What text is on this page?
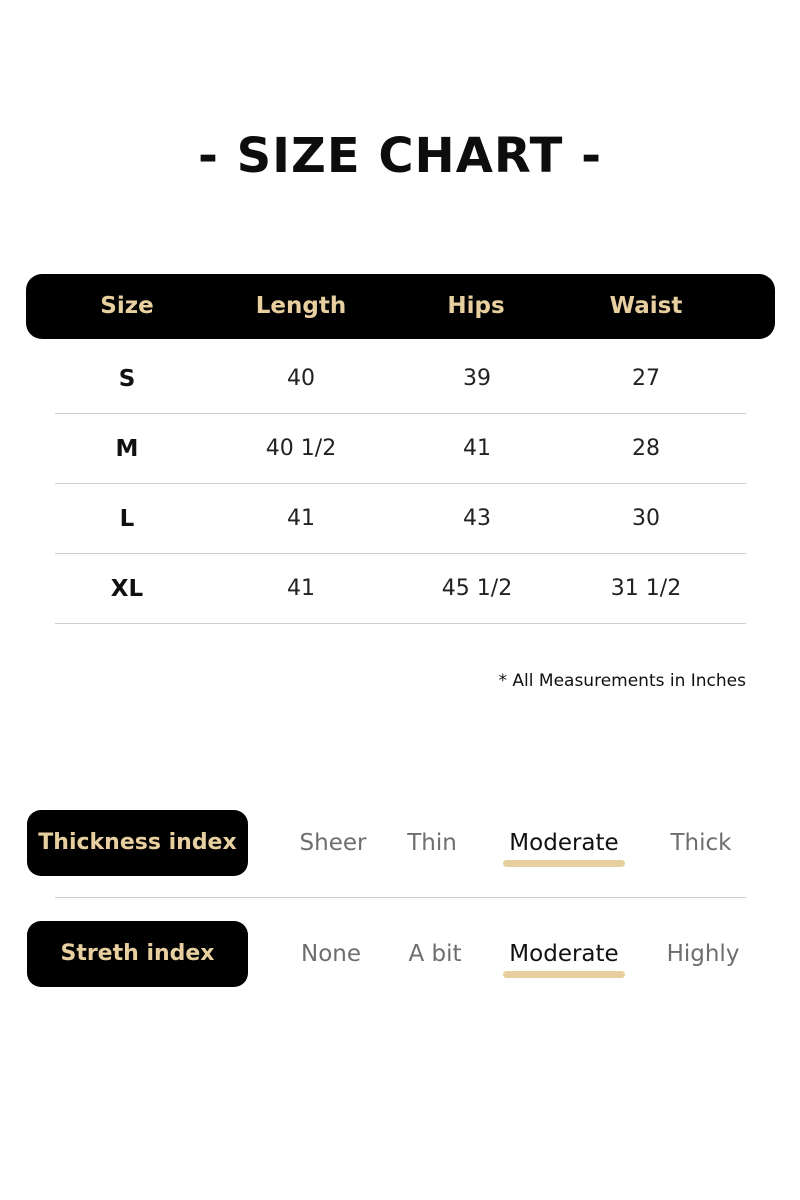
- SIZE CHART -
Size	Length	Hips	Waist
S	40	39	27
M	40 1/2	41	28
L	41	43	30
XL	41	45 1/2	31 1/2
* All Measurements in Inches
Thickness index	Sheer	Thin	Moderate	Thick
Streth index	None	A bit	Moderate	Highly
